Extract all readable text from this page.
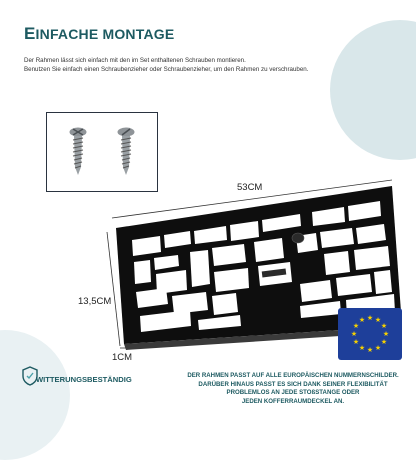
EINFACHE MONTAGE
Der Rahmen lässt sich einfach mit den im Set enthaltenen Schrauben montieren.
Benutzen Sie einfach einen Schraubenzieher oder Schraubenzieher, um den Rahmen zu verschrauben.
53CM
13,5CM
1CM
★ ★
★
★
★
★
★
★
★
★
★
★
DER RAHMEN PASST AUF ALLE EUROPÄISCHEN NUMMERNSCHILDER.
DARÜBER HINAUS PASST ES SICH DANK SEINER FLEXIBILITÄT
PROBLEMLOS AN JEDE STOßSTANGE ODER
JEDEN KOFFERRAUMDECKEL AN.
WITTERUNGSBESTÄNDIG
